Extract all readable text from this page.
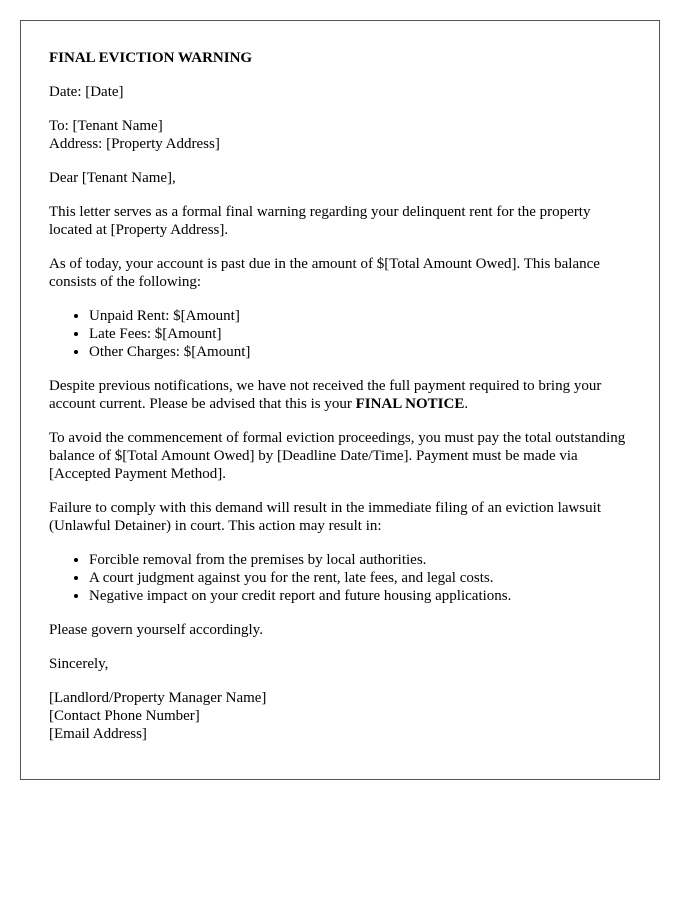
FINAL EVICTION WARNING

Date: [Date]

To: [Tenant Name]
Address: [Property Address]

Dear [Tenant Name],

This letter serves as a formal final warning regarding your delinquent rent for the property located at [Property Address].

As of today, your account is past due in the amount of $[Total Amount Owed]. This balance consists of the following:

• Unpaid Rent: $[Amount]
• Late Fees: $[Amount]
• Other Charges: $[Amount]

Despite previous notifications, we have not received the full payment required to bring your account current. Please be advised that this is your FINAL NOTICE.

To avoid the commencement of formal eviction proceedings, you must pay the total outstanding balance of $[Total Amount Owed] by [Deadline Date/Time]. Payment must be made via [Accepted Payment Method].

Failure to comply with this demand will result in the immediate filing of an eviction lawsuit (Unlawful Detainer) in court. This action may result in:

• Forcible removal from the premises by local authorities.
• A court judgment against you for the rent, late fees, and legal costs.
• Negative impact on your credit report and future housing applications.

Please govern yourself accordingly.

Sincerely,

[Landlord/Property Manager Name]
[Contact Phone Number]
[Email Address]
